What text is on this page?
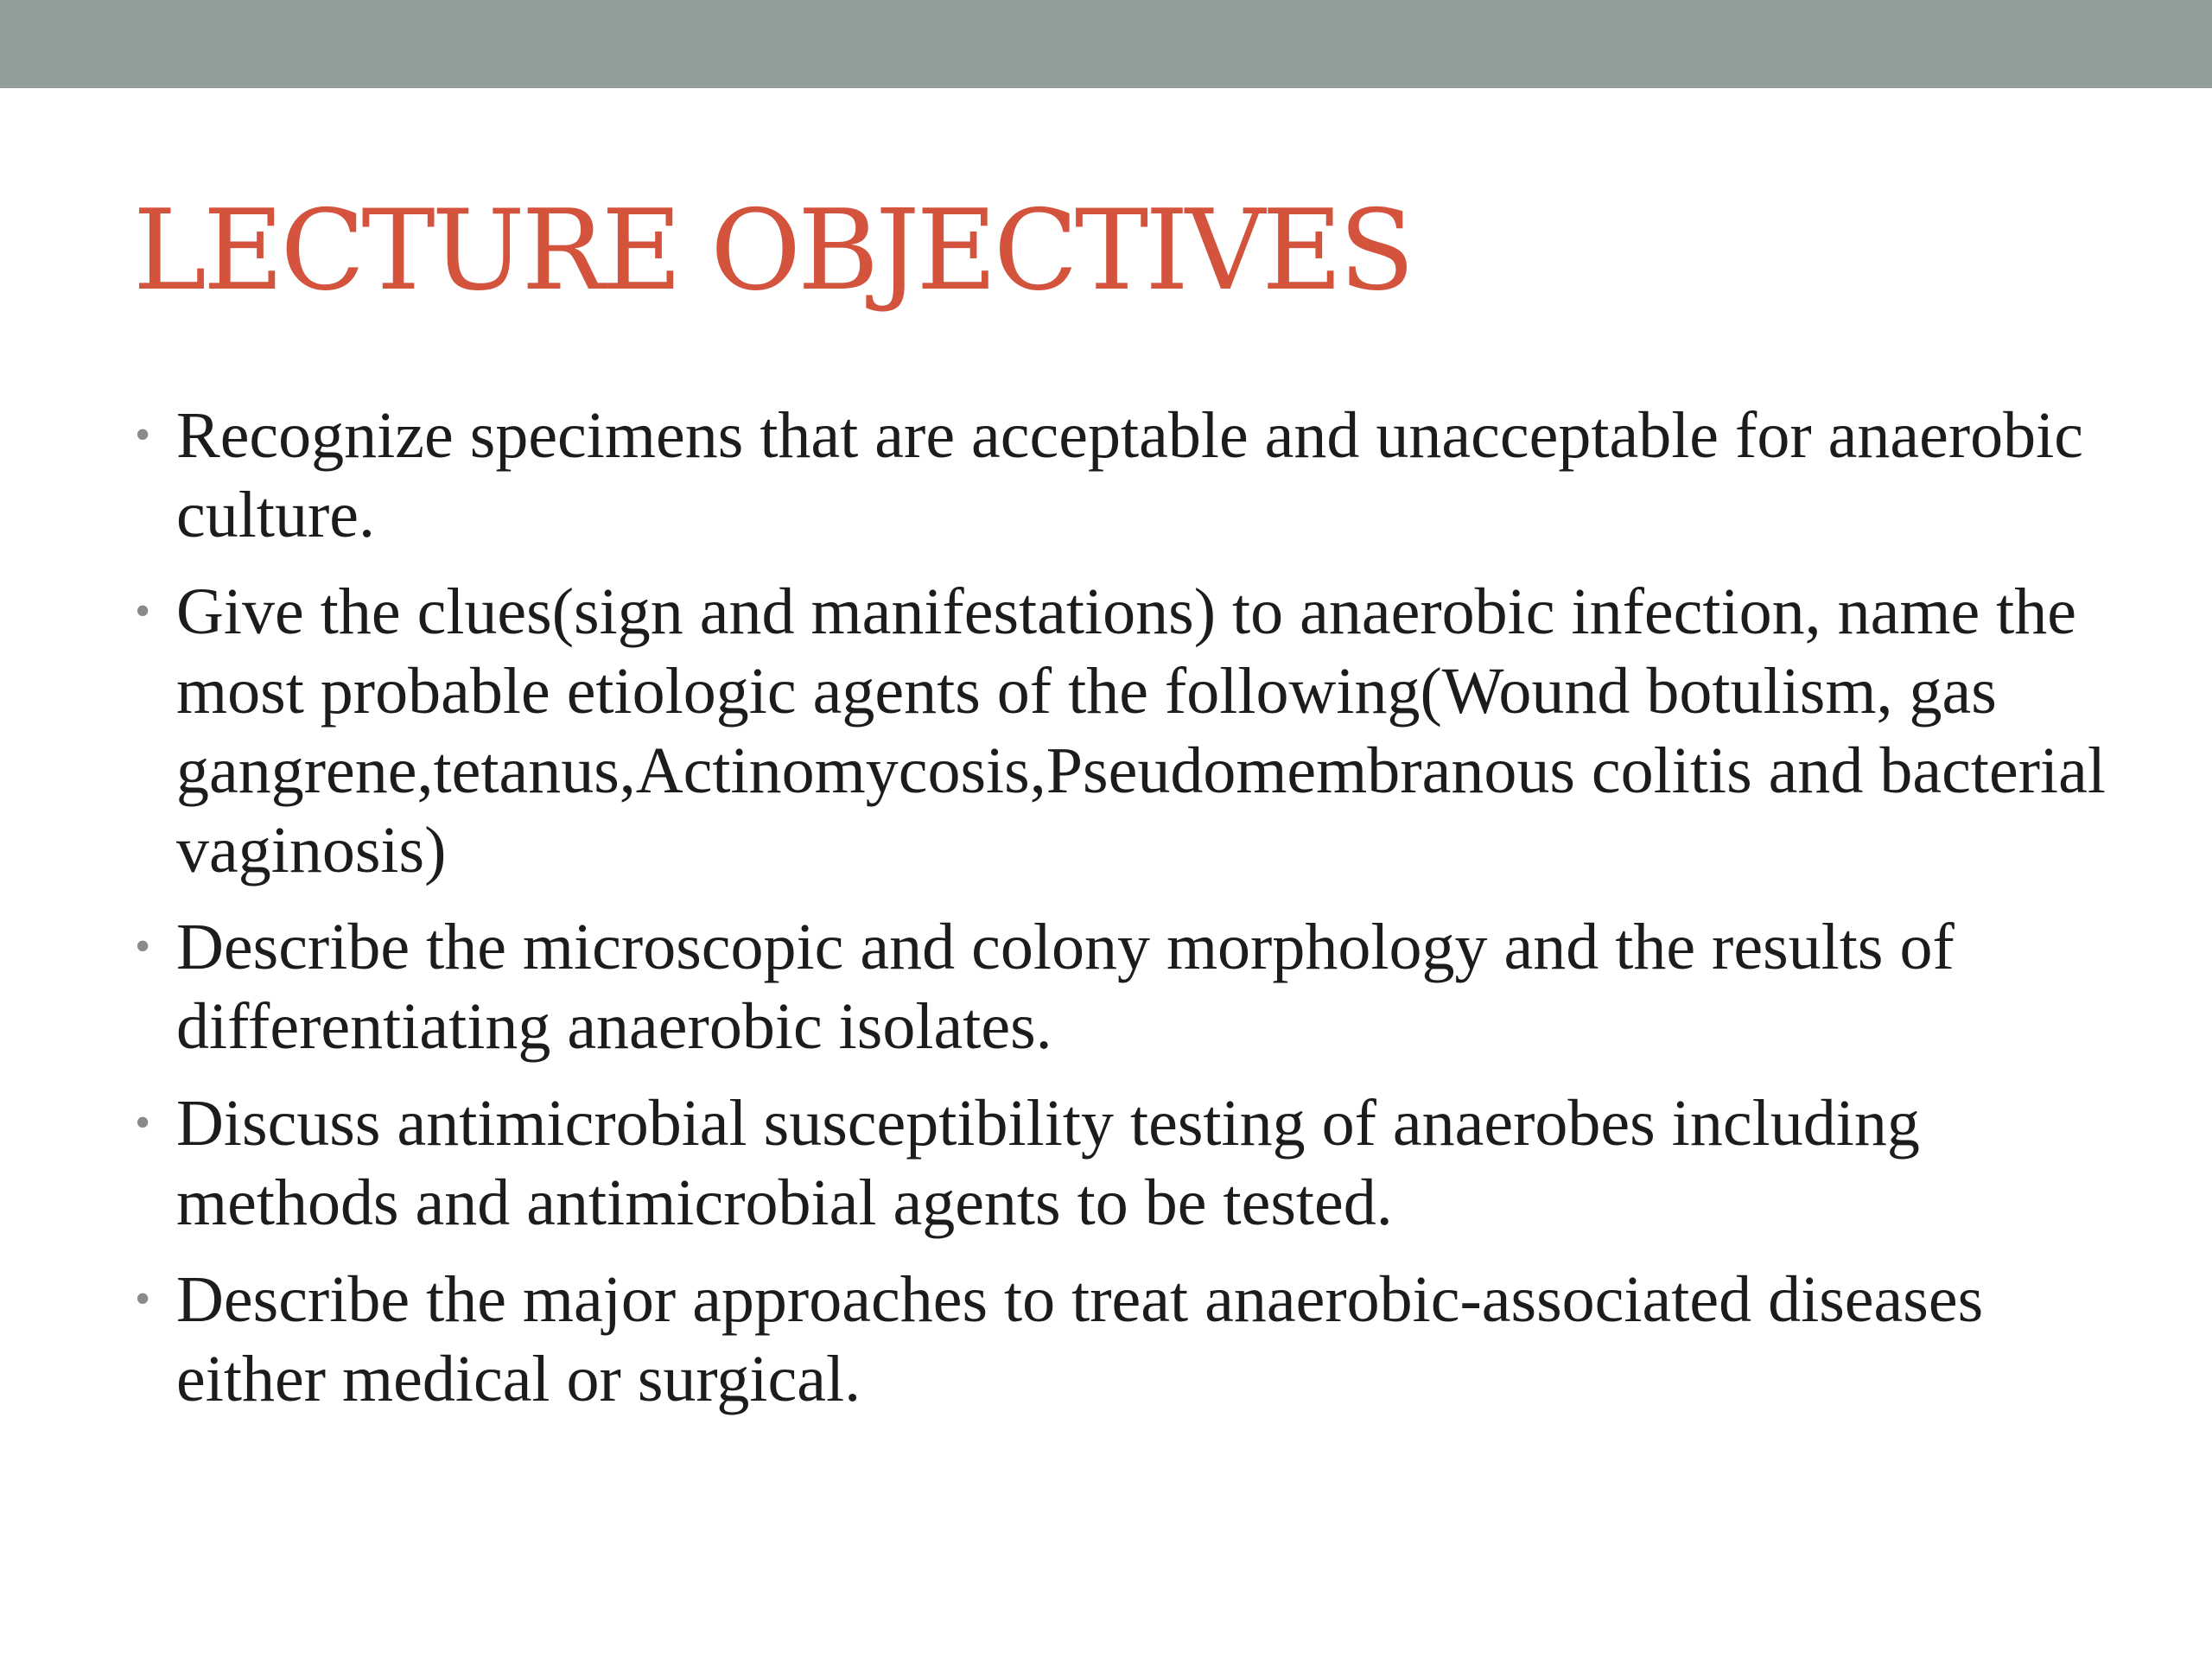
LECTURE OBJECTIVES
• Recognize specimens that are acceptable and unacceptable for anaerobic culture.
• Give the clues(sign and manifestations) to anaerobic infection, name the most probable etiologic agents of the following(Wound botulism, gas gangrene,tetanus,Actinomycosis,Pseudomembranous colitis and bacterial vaginosis)
• Describe the microscopic and colony morphology and the results of differentiating anaerobic isolates.
• Discuss antimicrobial susceptibility testing of anaerobes including methods and antimicrobial agents to be tested.
• Describe the major approaches to treat anaerobic-associated diseases either medical or surgical.
